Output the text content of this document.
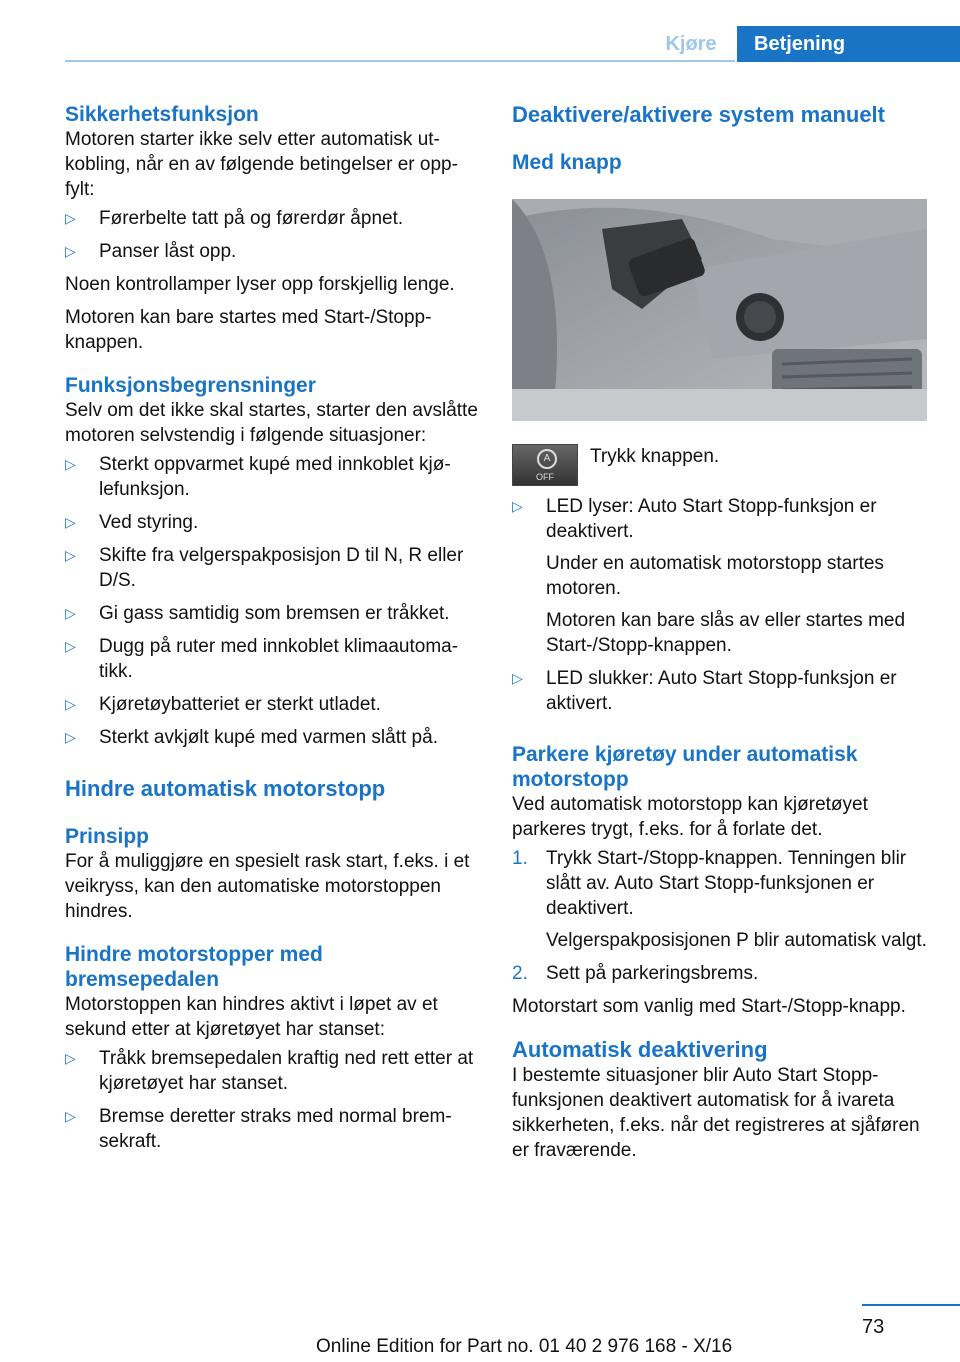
Kjøre	Betjening
Sikkerhetsfunksjon

Motoren starter ikke selv etter automatisk utkobling, når en av følgende betingelser er oppfylt:

▷ Førerbelte tatt på og førerdør åpnet.
▷ Panser låst opp.

Noen kontrollamper lyser opp forskjellig lenge.

Motoren kan bare startes med Start-/Stopp-knappen.

Funksjonsbegrensninger

Selv om det ikke skal startes, starter den avslåtte motoren selvstendig i følgende situasjoner:

▷ Sterkt oppvarmet kupé med innkoblet kjølefunksjon.
▷ Ved styring.
▷ Skifte fra velgerspakposisjon D til N, R eller D/S.
▷ Gi gass samtidig som bremsen er tråkket.
▷ Dugg på ruter med innkoblet klimaautomatikk.
▷ Kjøretøybatteriet er sterkt utladet.
▷ Sterkt avkjølt kupé med varmen slått på.
Hindre automatisk motorstopp
Prinsipp

For å muliggjøre en spesielt rask start, f.eks. i et veikryss, kan den automatiske motorstoppen hindres.

Hindre motorstopper med bremsepedalen

Motorstoppen kan hindres aktivt i løpet av et sekund etter at kjøretøyet har stanset:

▷ Tråkk bremsepedalen kraftig ned rett etter at kjøretøyet har stanset.
▷ Bremse deretter straks med normal bremsekraft.
Deaktivere/aktivere system manuelt
Med knapp
A
OFF
Trykk knappen.
▷ LED lyser: Auto Start Stopp-funksjon er deaktivert.
Under en automatisk motorstopp startes motoren.
Motoren kan bare slås av eller startes med Start-/Stopp-knappen.
▷ LED slukker: Auto Start Stopp-funksjon er aktivert.
Parkere kjøretøy under automatisk motorstopp

Ved automatisk motorstopp kan kjøretøyet parkeres trygt, f.eks. for å forlate det.

1. Trykk Start-/Stopp-knappen. Tenningen blir slått av. Auto Start Stopp-funksjonen er deaktivert.
Velgerspakposisjonen P blir automatisk valgt.
2. Sett på parkeringsbrems.

Motorstart som vanlig med Start-/Stopp-knapp.

Automatisk deaktivering

I bestemte situasjoner blir Auto Start Stopp-funksjonen deaktivert automatisk for å ivareta sikkerheten, f.eks. når det registreres at sjåføren er fraværende.

73
Online Edition for Part no. 01 40 2 976 168 - X/16
